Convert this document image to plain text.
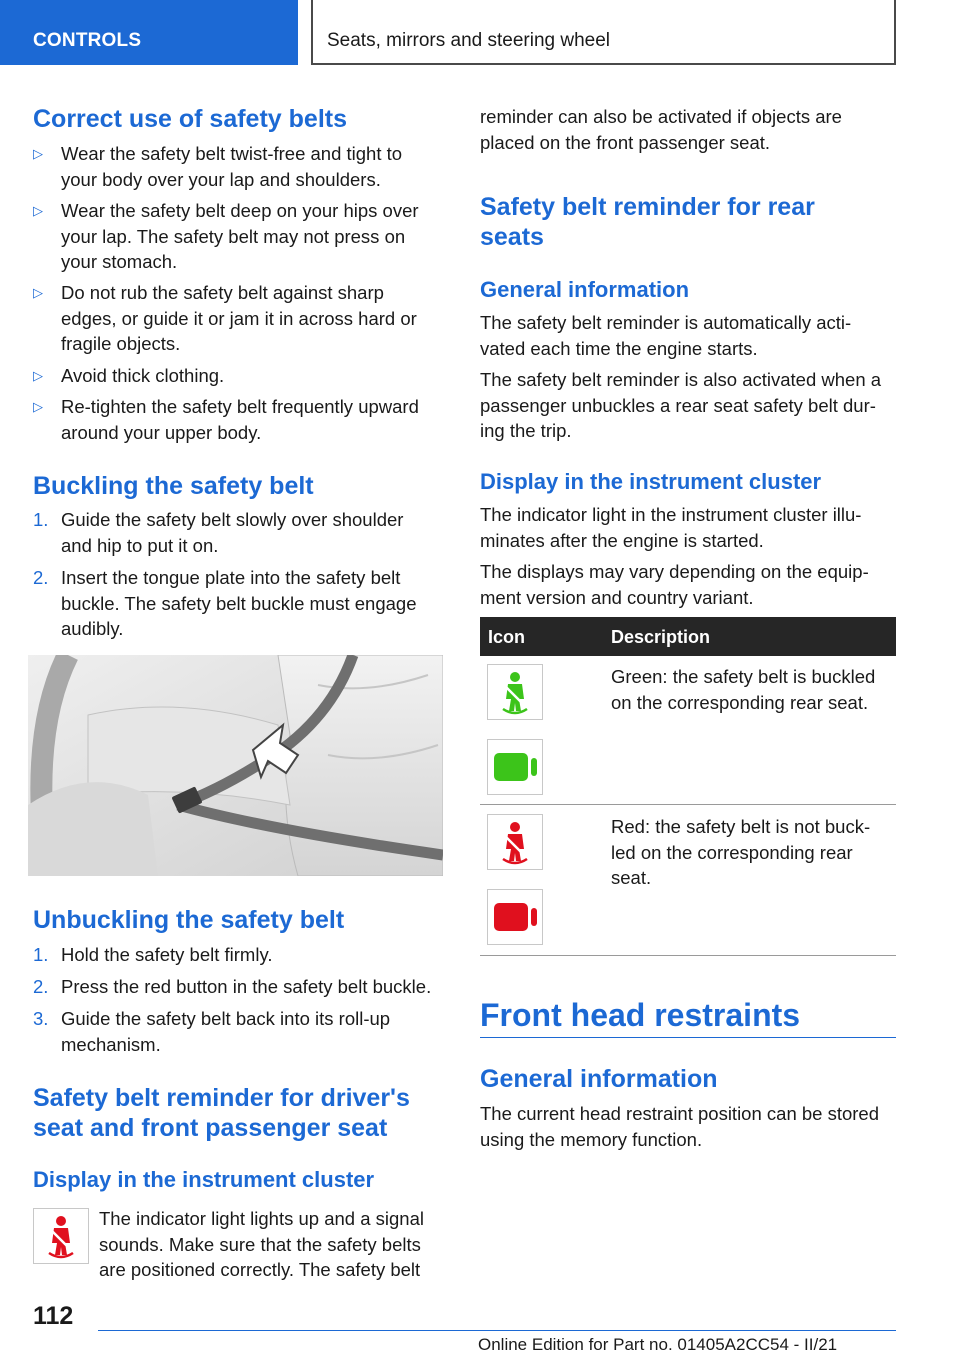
CONTROLS	Seats, mirrors and steering wheel
Correct use of safety belts
▷ Wear the safety belt twist-free and tight to
your body over your lap and shoulders.
▷ Wear the safety belt deep on your hips over
your lap. The safety belt may not press on
your stomach.
▷ Do not rub the safety belt against sharp
edges, or guide it or jam it in across hard or
fragile objects.
▷ Avoid thick clothing.
▷ Re-tighten the safety belt frequently upward
around your upper body.
Buckling the safety belt
1. Guide the safety belt slowly over shoulder
and hip to put it on.
2. Insert the tongue plate into the safety belt
buckle. The safety belt buckle must engage
audibly.
Unbuckling the safety belt
1. Hold the safety belt firmly.
2. Press the red button in the safety belt buckle.
3. Guide the safety belt back into its roll-up
mechanism.
Safety belt reminder for driver's
seat and front passenger seat
Display in the instrument cluster
The indicator light lights up and a signal
sounds. Make sure that the safety belts
are positioned correctly. The safety belt
reminder can also be activated if objects are
placed on the front passenger seat.
Safety belt reminder for rear
seats
General information
The safety belt reminder is automatically acti-
vated each time the engine starts.
The safety belt reminder is also activated when a
passenger unbuckles a rear seat safety belt dur-
ing the trip.
Display in the instrument cluster
The indicator light in the instrument cluster illu-
minates after the engine is started.
The displays may vary depending on the equip-
ment version and country variant.
Icon	Description
Green: the safety belt is buckled
on the corresponding rear seat.
Red: the safety belt is not buck-
led on the corresponding rear
seat.
Front head restraints
General information
The current head restraint position can be stored
using the memory function.
112
Online Edition for Part no. 01405A2CC54 - II/21
